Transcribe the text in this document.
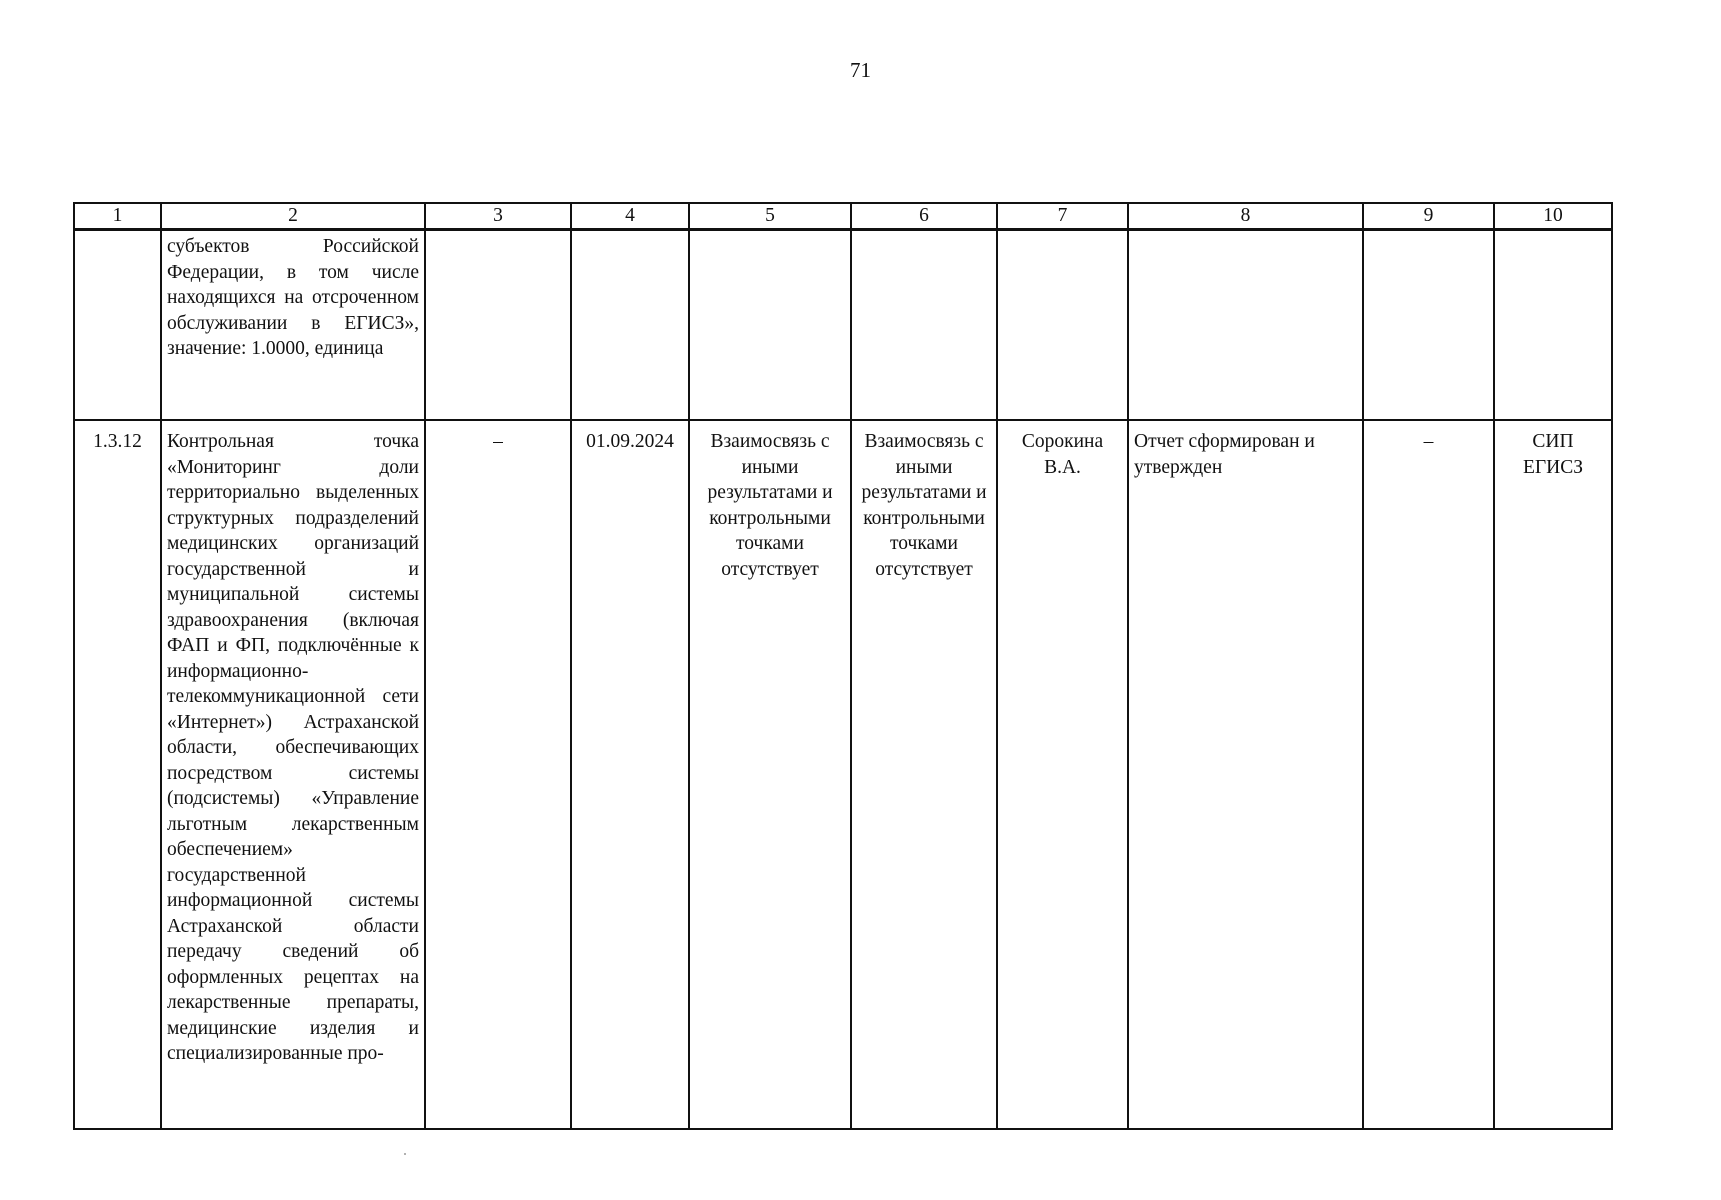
71
1	2	3	4	5	6	7	8	9	10
	субъектов Российской Федерации, в том числе находящихся на отсроченном обслуживании в ЕГИСЗ», значение: 1.0000, единица								
1.3.12	Контрольная точка «Мониторинг доли территориально выделенных структурных подразделений медицинских организаций государственной и муниципальной системы здравоохранения (включая ФАП и ФП, подключённые к информационно-телекоммуникационной сети «Интернет») Астраханской области, обеспечивающих посредством системы (подсистемы) «Управление льготным лекарственным обеспечением» государственной информационной системы Астраханской области передачу сведений об оформленных рецептах на лекарственные препараты, медицинские изделия и специализированные про-	–	01.09.2024	Взаимосвязь с иными результатами и контрольными точками отсутствует	Взаимосвязь с иными результатами и контрольными точками отсутствует	Сорокина В.А.	Отчет сформирован и утвержден	–	СИП ЕГИСЗ
